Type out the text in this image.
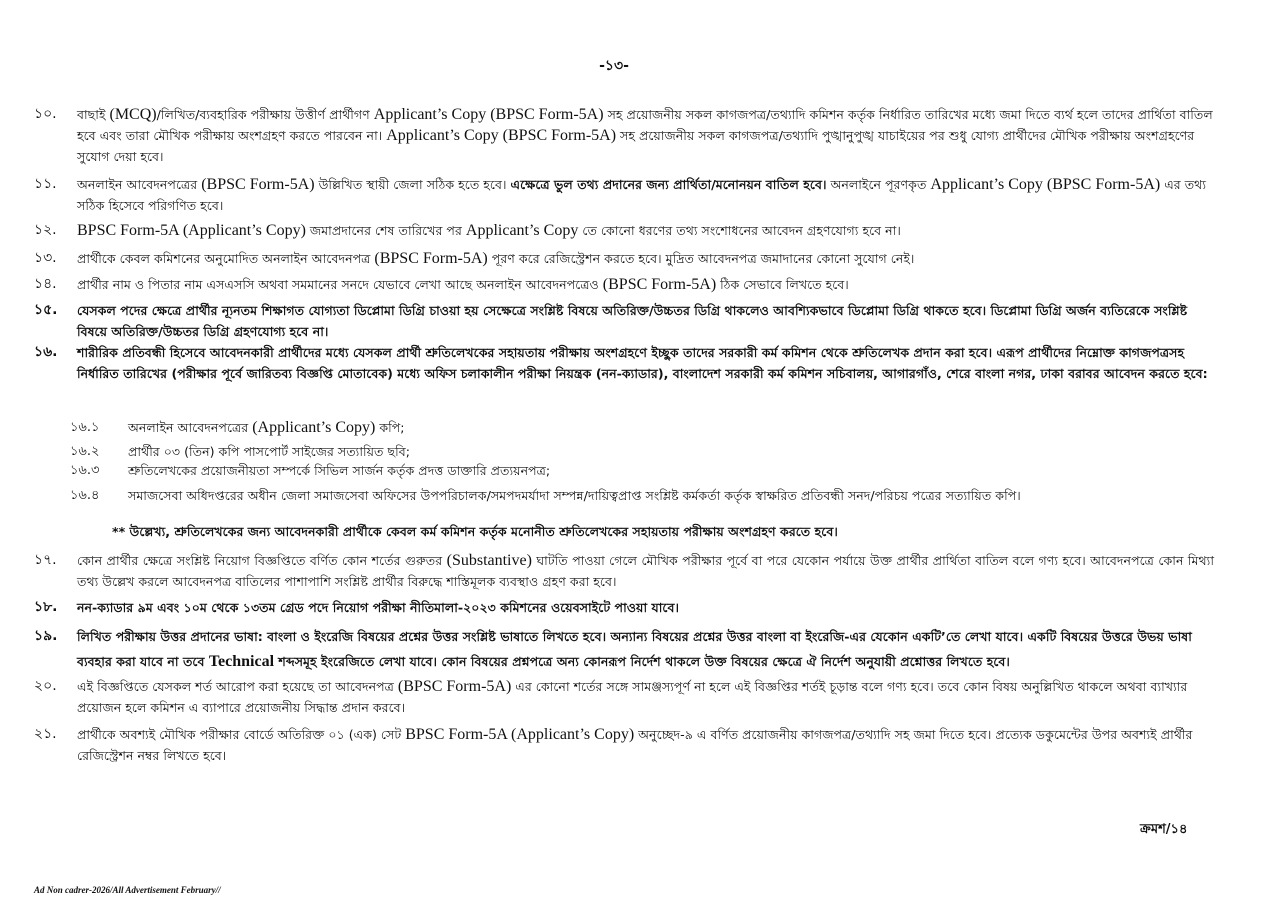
-১৩-
১০.	বাছাই (MCQ)/লিখিত/ব্যবহারিক পরীক্ষায় উত্তীর্ণ প্রার্থীগণ Applicant’s Copy (BPSC Form-5A) সহ প্রয়োজনীয় সকল কাগজপত্র/তথ্যাদি কমিশন কর্তৃক নির্ধারিত তারিখের মধ্যে জমা দিতে ব্যর্থ হলে তাদের প্রার্থিতা বাতিল হবে এবং তারা মৌখিক পরীক্ষায় অংশগ্রহণ করতে পারবেন না। Applicant’s Copy (BPSC Form-5A) সহ প্রয়োজনীয় সকল কাগজপত্র/তথ্যাদি পুঙ্খানুপুঙ্খ যাচাইয়ের পর শুধু যোগ্য প্রার্থীদের মৌখিক পরীক্ষায় অংশগ্রহণের সুযোগ দেয়া হবে।
১১.	অনলাইন আবেদনপত্রের (BPSC Form-5A) উল্লিখিত স্থায়ী জেলা সঠিক হতে হবে। এক্ষেত্রে ভুল তথ্য প্রদানের জন্য প্রার্থিতা/মনোনয়ন বাতিল হবে। অনলাইনে পূরণকৃত Applicant’s Copy (BPSC Form-5A) এর তথ্য সঠিক হিসেবে পরিগণিত হবে।
১২.	BPSC Form-5A (Applicant’s Copy) জমাপ্রদানের শেষ তারিখের পর Applicant’s Copy তে কোনো ধরণের তথ্য সংশোধনের আবেদন গ্রহণযোগ্য হবে না।
১৩.	প্রার্থীকে কেবল কমিশনের অনুমোদিত অনলাইন আবেদনপত্র (BPSC Form-5A) পূরণ করে রেজিস্ট্রেশন করতে হবে। মুদ্রিত আবেদনপত্র জমাদানের কোনো সুযোগ নেই।
১৪.	প্রার্থীর নাম ও পিতার নাম এসএসসি অথবা সমমানের সনদে যেভাবে লেখা আছে অনলাইন আবেদনপত্রেও (BPSC Form-5A) ঠিক সেভাবে লিখতে হবে।
১৫.	যেসকল পদের ক্ষেত্রে প্রার্থীর ন্যূনতম শিক্ষাগত যোগ্যতা ডিপ্লোমা ডিগ্রি চাওয়া হয় সেক্ষেত্রে সংশ্লিষ্ট বিষয়ে অতিরিক্ত/উচ্চতর ডিগ্রি থাকলেও আবশ্যিকভাবে ডিপ্লোমা ডিগ্রি থাকতে হবে। ডিপ্লোমা ডিগ্রি অর্জন ব্যতিরেকে সংশ্লিষ্ট বিষয়ে অতিরিক্ত/উচ্চতর ডিগ্রি গ্রহণযোগ্য হবে না।
১৬.	শারীরিক প্রতিবন্ধী হিসেবে আবেদনকারী প্রার্থীদের মধ্যে যেসকল প্রার্থী শ্রুতিলেখকের সহায়তায় পরীক্ষায় অংশগ্রহণে ইচ্ছুক তাদের সরকারী কর্ম কমিশন থেকে শ্রুতিলেখক প্রদান করা হবে। এরূপ প্রার্থীদের নিম্নোক্ত কাগজপত্রসহ নির্ধারিত তারিখের (পরীক্ষার পূর্বে জারিতব্য বিজ্ঞপ্তি মোতাবেক) মধ্যে অফিস চলাকালীন পরীক্ষা নিয়ন্ত্রক (নন-ক্যাডার), বাংলাদেশ সরকারী কর্ম কমিশন সচিবালয়, আগারগাঁও, শেরে বাংলা নগর, ঢাকা বরাবর আবেদন করতে হবে:
১৬.১	অনলাইন আবেদনপত্রের (Applicant’s Copy) কপি;
১৬.২	প্রার্থীর ০৩ (তিন) কপি পাসপোর্ট সাইজের সত্যায়িত ছবি;
১৬.৩	শ্রুতিলেখকের প্রয়োজনীয়তা সম্পর্কে সিভিল সার্জন কর্তৃক প্রদত্ত ডাক্তারি প্রত্যয়নপত্র;
১৬.৪	সমাজসেবা অধিদপ্তরের অধীন জেলা সমাজসেবা অফিসের উপপরিচালক/সমপদমর্যাদা সম্পন্ন/দায়িত্বপ্রাপ্ত সংশ্লিষ্ট কর্মকর্তা কর্তৃক স্বাক্ষরিত প্রতিবন্ধী সনদ/পরিচয় পত্রের সত্যায়িত কপি।
** উল্লেখ্য, শ্রুতিলেখকের জন্য আবেদনকারী প্রার্থীকে কেবল কর্ম কমিশন কর্তৃক মনোনীত শ্রুতিলেখকের সহায়তায় পরীক্ষায় অংশগ্রহণ করতে হবে।
১৭.	কোন প্রার্থীর ক্ষেত্রে সংশ্লিষ্ট নিয়োগ বিজ্ঞপ্তিতে বর্ণিত কোন শর্তের গুরুতর (Substantive) ঘাটতি পাওয়া গেলে মৌখিক পরীক্ষার পূর্বে বা পরে যেকোন পর্যায়ে উক্ত প্রার্থীর প্রার্থিতা বাতিল বলে গণ্য হবে। আবেদনপত্রে কোন মিথ্যা তথ্য উল্লেখ করলে আবেদনপত্র বাতিলের পাশাপাশি সংশ্লিষ্ট প্রার্থীর বিরুদ্ধে শাস্তিমূলক ব্যবস্থাও গ্রহণ করা হবে।
১৮.	নন-ক্যাডার ৯ম এবং ১০ম থেকে ১৩তম গ্রেড পদে নিয়োগ পরীক্ষা নীতিমালা-২০২৩ কমিশনের ওয়েবসাইটে পাওয়া যাবে।
১৯.	লিখিত পরীক্ষায় উত্তর প্রদানের ভাষা: বাংলা ও ইংরেজি বিষয়ের প্রশ্নের উত্তর সংশ্লিষ্ট ভাষাতে লিখতে হবে। অন্যান্য বিষয়ের প্রশ্নের উত্তর বাংলা বা ইংরেজি-এর যেকোন একটি’তে লেখা যাবে। একটি বিষয়ের উত্তরে উভয় ভাষা ব্যবহার করা যাবে না তবে Technical শব্দসমূহ ইংরেজিতে লেখা যাবে। কোন বিষয়ের প্রশ্নপত্রে অন্য কোনরূপ নির্দেশ থাকলে উক্ত বিষয়ের ক্ষেত্রে ঐ নির্দেশ অনুযায়ী প্রশ্নোত্তর লিখতে হবে।
২০.	এই বিজ্ঞপ্তিতে যেসকল শর্ত আরোপ করা হয়েছে তা আবেদনপত্র (BPSC Form-5A) এর কোনো শর্তের সঙ্গে সামঞ্জস্যপূর্ণ না হলে এই বিজ্ঞপ্তির শর্তই চূড়ান্ত বলে গণ্য হবে। তবে কোন বিষয় অনুল্লিখিত থাকলে অথবা ব্যাখ্যার প্রয়োজন হলে কমিশন এ ব্যাপারে প্রয়োজনীয় সিদ্ধান্ত প্রদান করবে।
২১.	প্রার্থীকে অবশ্যই মৌখিক পরীক্ষার বোর্ডে অতিরিক্ত ০১ (এক) সেট BPSC Form-5A (Applicant’s Copy) অনুচ্ছেদ-৯ এ বর্ণিত প্রয়োজনীয় কাগজপত্র/তথ্যাদি সহ জমা দিতে হবে। প্রত্যেক ডকুমেন্টের উপর অবশ্যই প্রার্থীর রেজিস্ট্রেশন নম্বর লিখতে হবে।
ক্রমশ/১৪
Ad Non cadrer-2026/All Advertisement February//
